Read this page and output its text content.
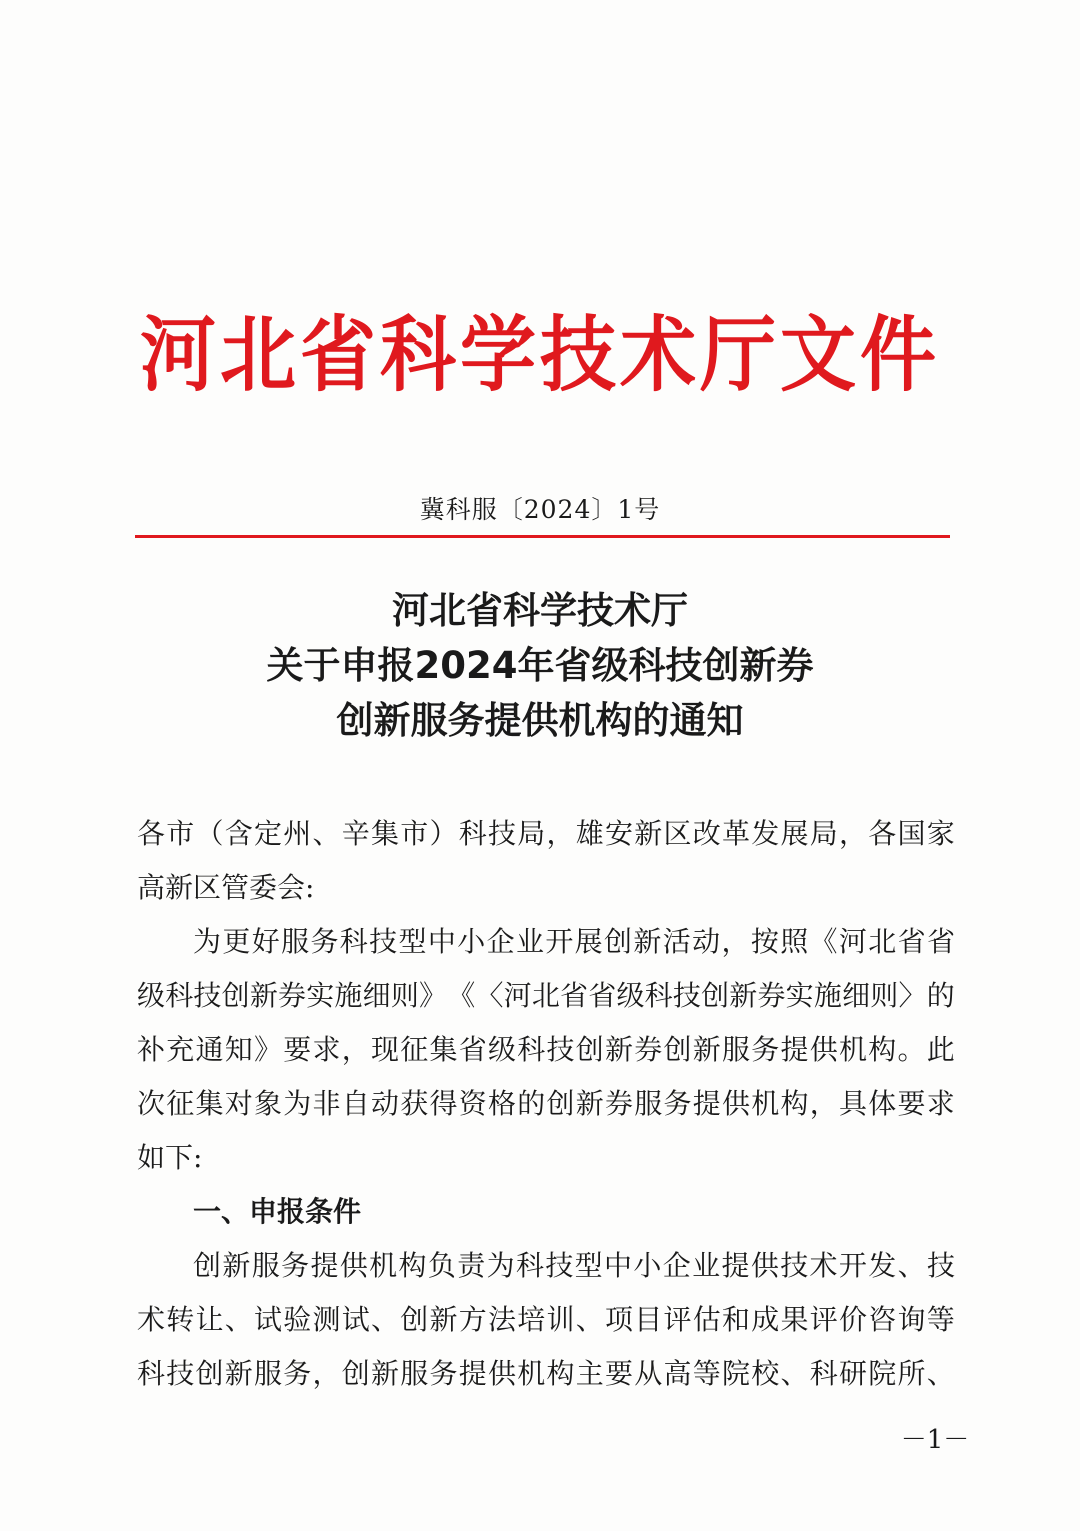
河北省科学技术厅文件
冀科服〔2024〕1号
河北省科学技术厅
关于申报2024年省级科技创新券
创新服务提供机构的通知
各 市 （ 含 定 州 、 辛 集 市 ） 科 技 局 ， 雄 安 新 区 改 革 发 展 局 ， 各 国 家
高新区管委会:
为 更 好 服 务 科 技 型 中 小 企 业 开 展 创 新 活 动 ， 按 照 《 河 北 省 省
级 科 技 创 新 券 实 施 细 则 》 《 〈 河 北 省 省 级 科 技 创 新 券 实 施 细 则 〉 的
补 充 通 知 》 要 求 ， 现 征 集 省 级 科 技 创 新 券 创 新 服 务 提 供 机 构 。 此
次 征 集 对 象 为 非 自 动 获 得 资 格 的 创 新 券 服 务 提 供 机 构 ， 具 体 要 求
如下:
一、申报条件
创 新 服 务 提 供 机 构 负 责 为 科 技 型 中 小 企 业 提 供 技 术 开 发 、 技
术 转 让 、 试 验 测 试 、 创 新 方 法 培 训 、 项 目 评 估 和 成 果 评 价 咨 询 等
科 技 创 新 服 务 ， 创 新 服 务 提 供 机 构 主 要 从 高 等 院 校 、 科 研 院 所 、
－1－
